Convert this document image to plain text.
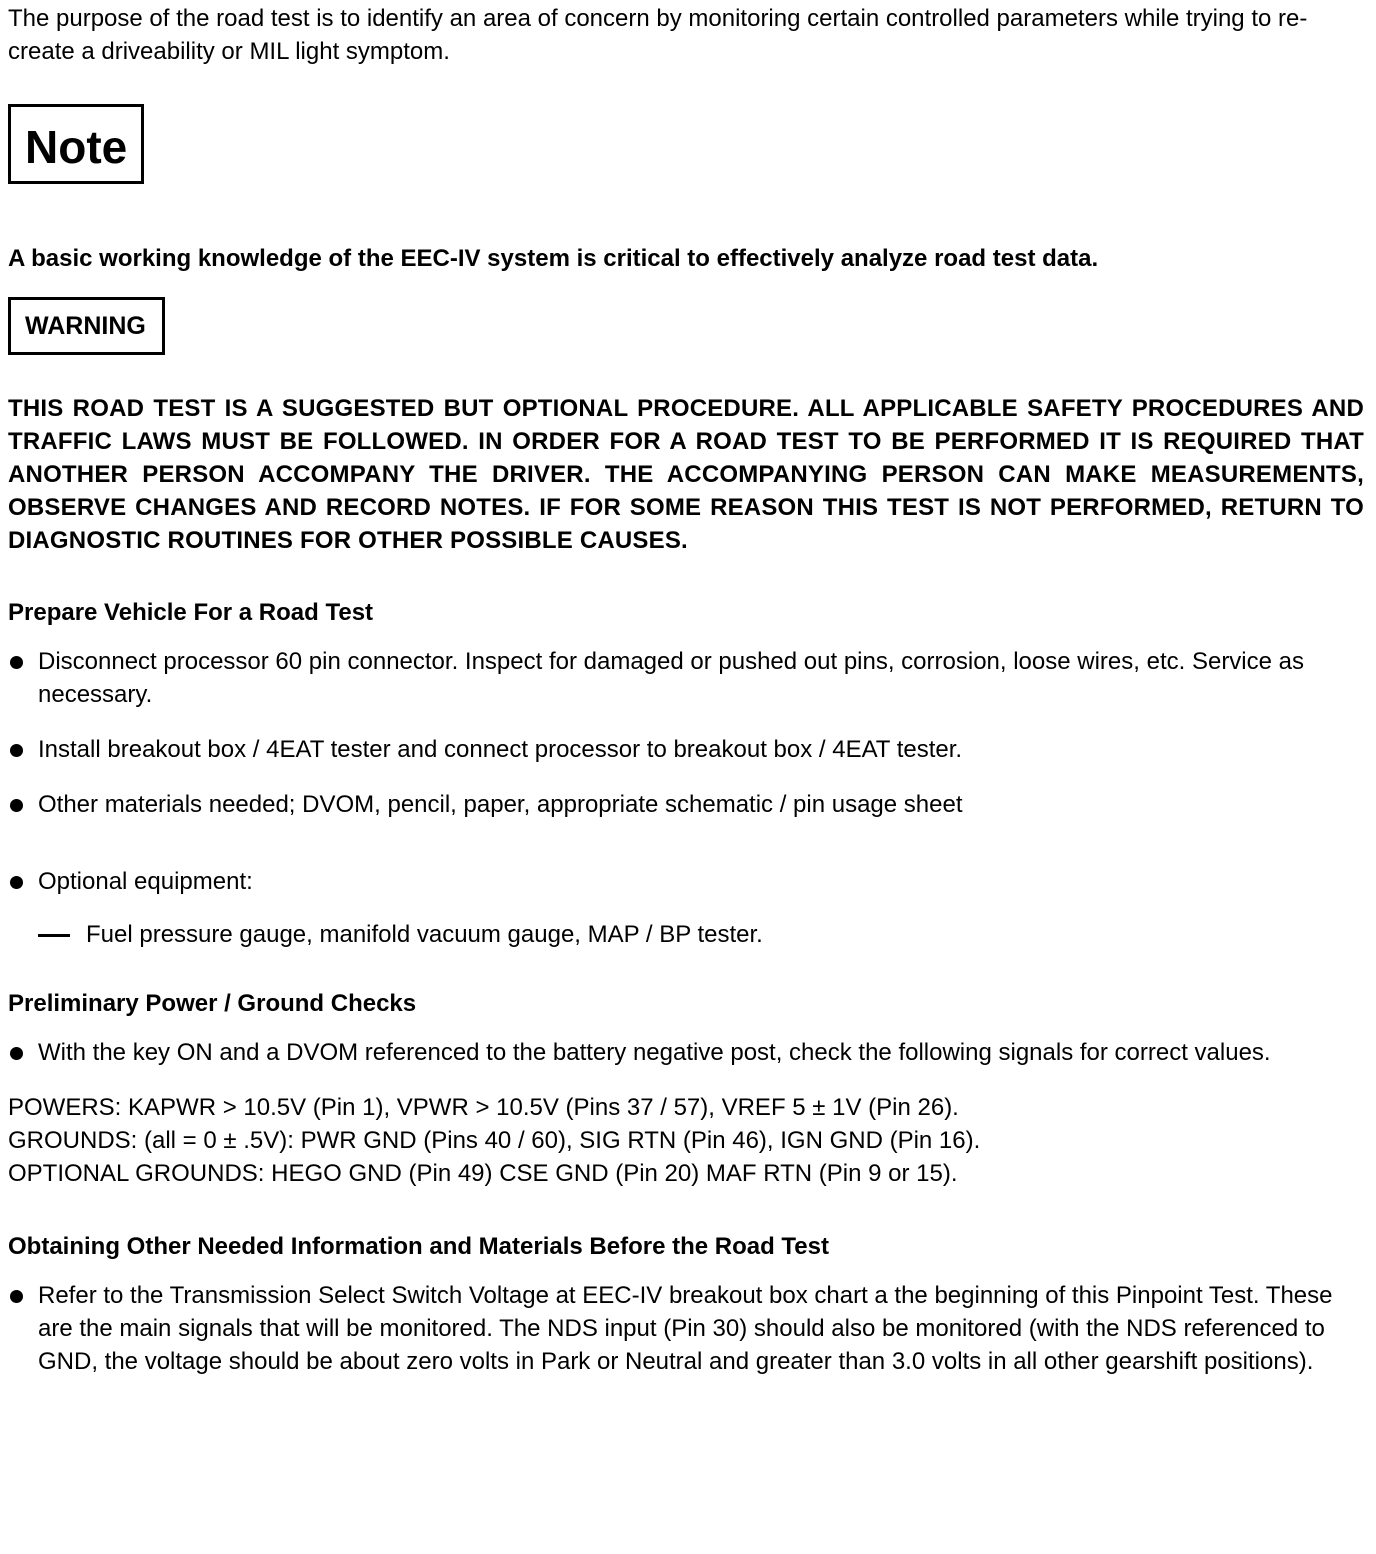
The purpose of the road test is to identify an area of concern by monitoring certain controlled parameters while trying to re-create a driveability or MIL light symptom.

Note

A basic working knowledge of the EEC-IV system is critical to effectively analyze road test data.

WARNING

THIS ROAD TEST IS A SUGGESTED BUT OPTIONAL PROCEDURE. ALL APPLICABLE SAFETY PROCEDURES AND TRAFFIC LAWS MUST BE FOLLOWED. IN ORDER FOR A ROAD TEST TO BE PERFORMED IT IS REQUIRED THAT ANOTHER PERSON ACCOMPANY THE DRIVER. THE ACCOMPANYING PERSON CAN MAKE MEASUREMENTS, OBSERVE CHANGES AND RECORD NOTES. IF FOR SOME REASON THIS TEST IS NOT PERFORMED, RETURN TO DIAGNOSTIC ROUTINES FOR OTHER POSSIBLE CAUSES.

Prepare Vehicle For a Road Test

Disconnect processor 60 pin connector. Inspect for damaged or pushed out pins, corrosion, loose wires, etc. Service as necessary.
Install breakout box / 4EAT tester and connect processor to breakout box / 4EAT tester.
Other materials needed; DVOM, pencil, paper, appropriate schematic / pin usage sheet
Optional equipment:

Fuel pressure gauge, manifold vacuum gauge, MAP / BP tester.

Preliminary Power / Ground Checks

With the key ON and a DVOM referenced to the battery negative post, check the following signals for correct values.

POWERS: KAPWR > 10.5V (Pin 1), VPWR > 10.5V (Pins 37 / 57), VREF 5 ± 1V (Pin 26).

GROUNDS: (all = 0 ± .5V): PWR GND (Pins 40 / 60), SIG RTN (Pin 46), IGN GND (Pin 16).

OPTIONAL GROUNDS: HEGO GND (Pin 49) CSE GND (Pin 20) MAF RTN (Pin 9 or 15).

Obtaining Other Needed Information and Materials Before the Road Test

Refer to the Transmission Select Switch Voltage at EEC-IV breakout box chart a the beginning of this Pinpoint Test. These are the main signals that will be monitored. The NDS input (Pin 30) should also be monitored (with the NDS referenced to GND, the voltage should be about zero volts in Park or Neutral and greater than 3.0 volts in all other gearshift positions).
